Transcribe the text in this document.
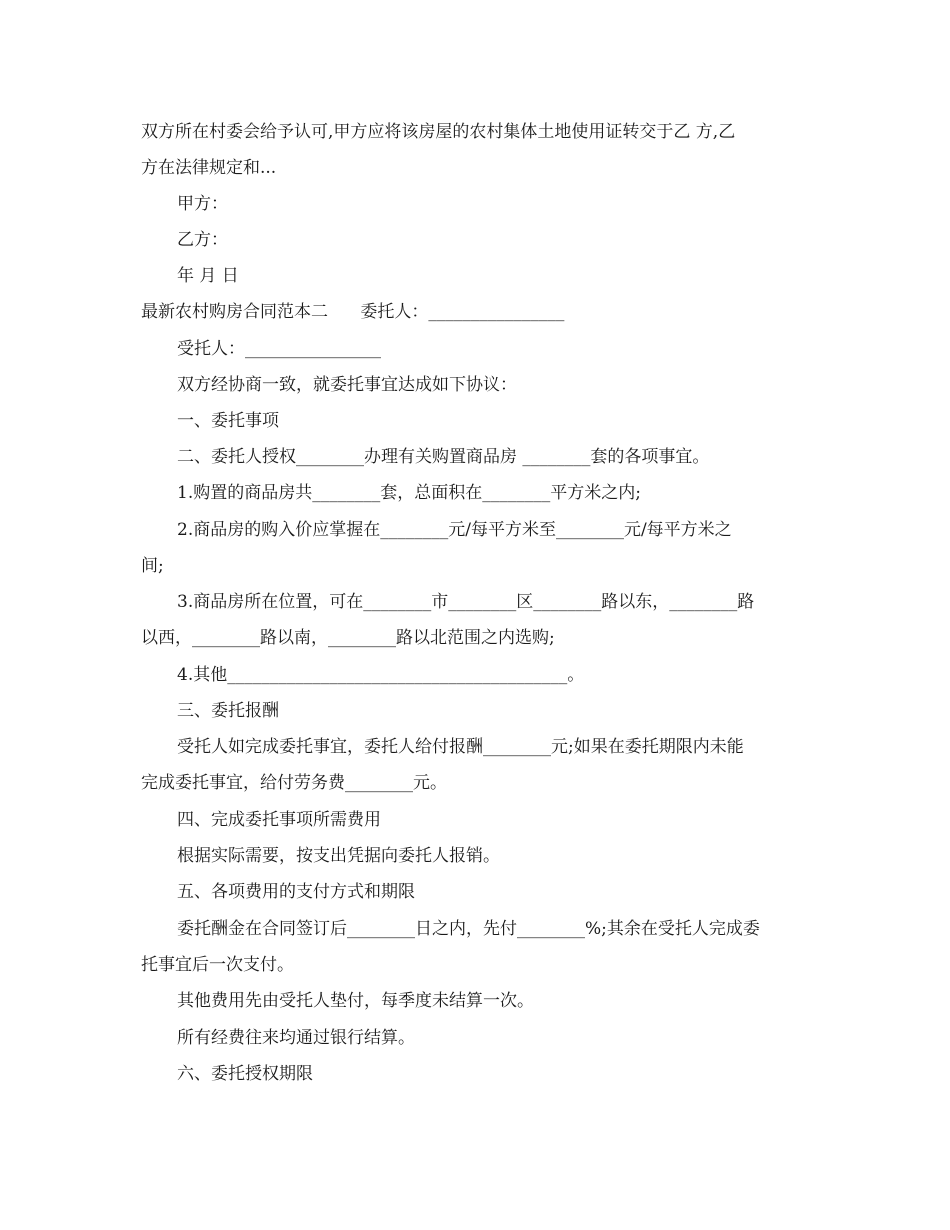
双方所在村委会给予认可,甲方应将该房屋的农村集体土地使用证转交于乙 方,乙
方在法律规定和...
甲方：
乙方：
年 月 日
最新农村购房合同范本二      委托人：________________
受托人：________________
双方经协商一致，就委托事宜达成如下协议：
一、委托事项
二、委托人授权________办理有关购置商品房 ________套的各项事宜。
1.购置的商品房共________套，总面积在________平方米之内;
2.商品房的购入价应掌握在________元/每平方米至________元/每平方米之
间;
3.商品房所在位置，可在________市________区________路以东，________路
以西，________路以南，________路以北范围之内选购;
4.其他________________________________________。
三、委托报酬
受托人如完成委托事宜，委托人给付报酬________元;如果在委托期限内未能
完成委托事宜，给付劳务费________元。
四、完成委托事项所需费用
根据实际需要，按支出凭据向委托人报销。
五、各项费用的支付方式和期限
委托酬金在合同签订后________日之内，先付________%;其余在受托人完成委
托事宜后一次支付。
其他费用先由受托人垫付，每季度未结算一次。
所有经费往来均通过银行结算。
六、委托授权期限
